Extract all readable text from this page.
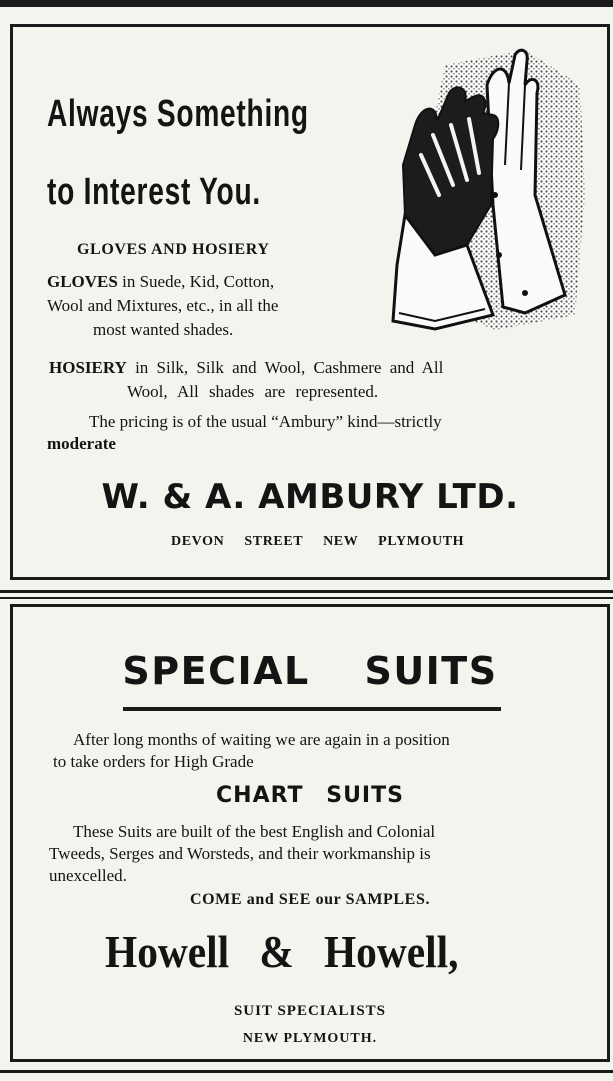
Always Something
to Interest You.
GLOVES AND HOSIERY
GLOVES in Suede, Kid, Cotton,
Wool and Mixtures, etc., in all the
most wanted shades.
HOSIERY in Silk, Silk and Wool, Cashmere and All
Wool, All shades are represented.
The pricing is of the usual “Ambury” kind—strictly
moderate
W. & A. AMBURY LTD.
DEVON STREET NEW PLYMOUTH
SPECIAL SUITS
After long months of waiting we are again in a position
to take orders for High Grade
CHART SUITS
These Suits are built of the best English and Colonial
Tweeds, Serges and Worsteds, and their workmanship is
unexcelled.
COME and SEE our SAMPLES.
Howell & Howell,
SUIT SPECIALISTS
NEW PLYMOUTH.
